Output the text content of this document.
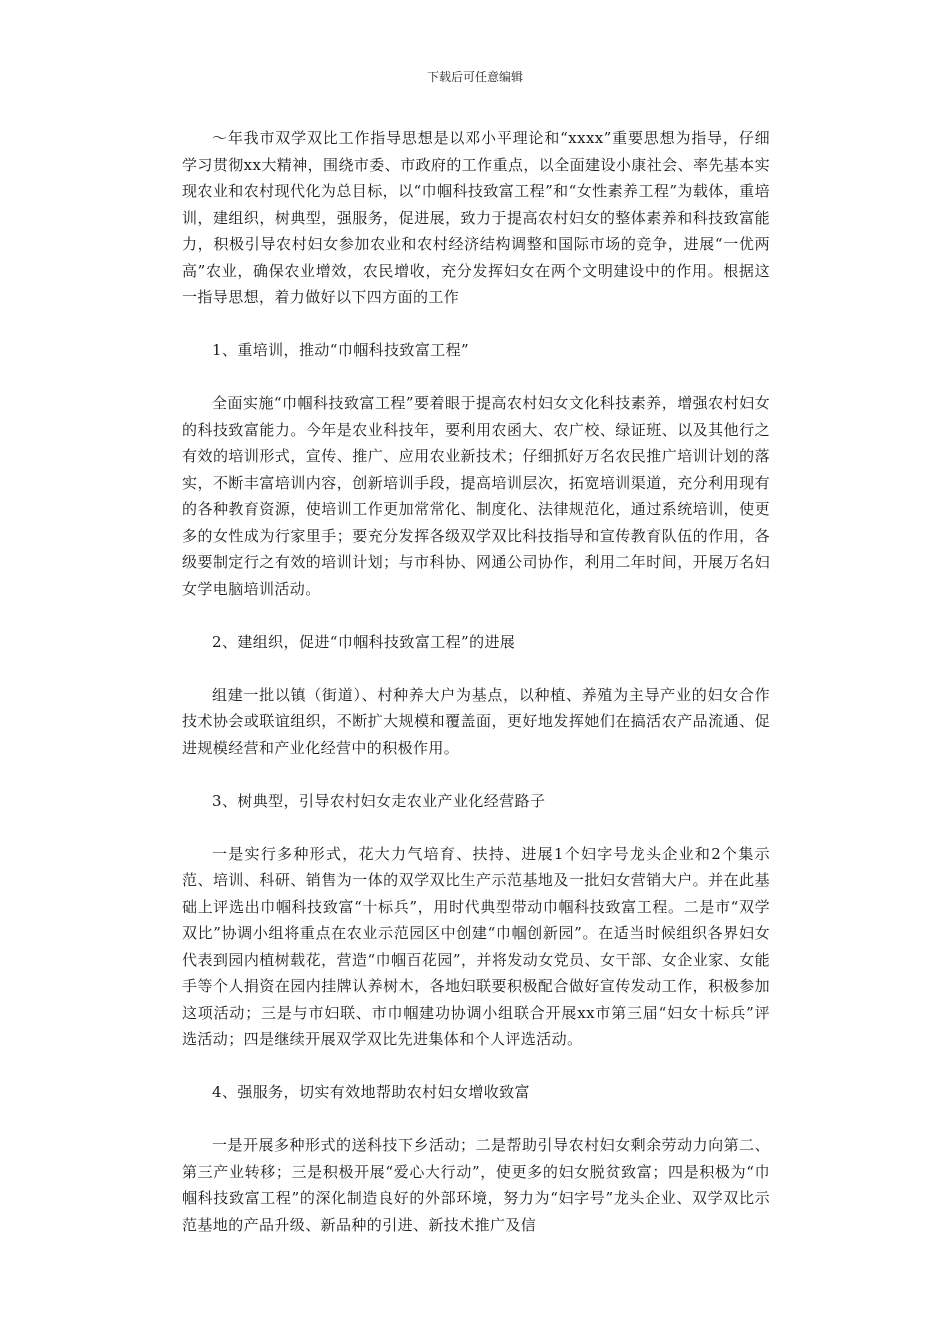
下载后可任意编辑

～年我市双学双比工作指导思想是以邓小平理论和“xxxx”重要思想为指导，仔细学习贯彻xx大精神，围绕市委、市政府的工作重点，以全面建设小康社会、率先基本实现农业和农村现代化为总目标，以“巾帼科技致富工程”和“女性素养工程”为载体，重培训，建组织，树典型，强服务，促进展，致力于提高农村妇女的整体素养和科技致富能力，积极引导农村妇女参加农业和农村经济结构调整和国际市场的竞争，进展“一优两高”农业，确保农业增效，农民增收，充分发挥妇女在两个文明建设中的作用。根据这一指导思想，着力做好以下四方面的工作

1、重培训，推动“巾帼科技致富工程”

全面实施“巾帼科技致富工程”要着眼于提高农村妇女文化科技素养，增强农村妇女的科技致富能力。今年是农业科技年，要利用农函大、农广校、绿证班、以及其他行之有效的培训形式，宣传、推广、应用农业新技术；仔细抓好万名农民推广培训计划的落实，不断丰富培训内容，创新培训手段，提高培训层次，拓宽培训渠道，充分利用现有的各种教育资源，使培训工作更加常常化、制度化、法律规范化，通过系统培训，使更多的女性成为行家里手；要充分发挥各级双学双比科技指导和宣传教育队伍的作用，各级要制定行之有效的培训计划；与市科协、网通公司协作，利用二年时间，开展万名妇女学电脑培训活动。

2、建组织，促进“巾帼科技致富工程”的进展

组建一批以镇（街道）、村种养大户为基点，以种植、养殖为主导产业的妇女合作技术协会或联谊组织，不断扩大规模和覆盖面，更好地发挥她们在搞活农产品流通、促进规模经营和产业化经营中的积极作用。

3、树典型，引导农村妇女走农业产业化经营路子

一是实行多种形式，花大力气培育、扶持、进展1个妇字号龙头企业和2个集示范、培训、科研、销售为一体的双学双比生产示范基地及一批妇女营销大户。并在此基础上评选出巾帼科技致富“十标兵”，用时代典型带动巾帼科技致富工程。二是市“双学双比”协调小组将重点在农业示范园区中创建“巾帼创新园”。在适当时候组织各界妇女代表到园内植树载花，营造“巾帼百花园”，并将发动女党员、女干部、女企业家、女能手等个人捐资在园内挂牌认养树木，各地妇联要积极配合做好宣传发动工作，积极参加这项活动；三是与市妇联、市巾帼建功协调小组联合开展xx市第三届“妇女十标兵”评选活动；四是继续开展双学双比先进集体和个人评选活动。

4、强服务，切实有效地帮助农村妇女增收致富

一是开展多种形式的送科技下乡活动；二是帮助引导农村妇女剩余劳动力向第二、第三产业转移；三是积极开展“爱心大行动”，使更多的妇女脱贫致富；四是积极为“巾帼科技致富工程”的深化制造良好的外部环境，努力为“妇字号”龙头企业、双学双比示范基地的产品升级、新品种的引进、新技术推广及信
